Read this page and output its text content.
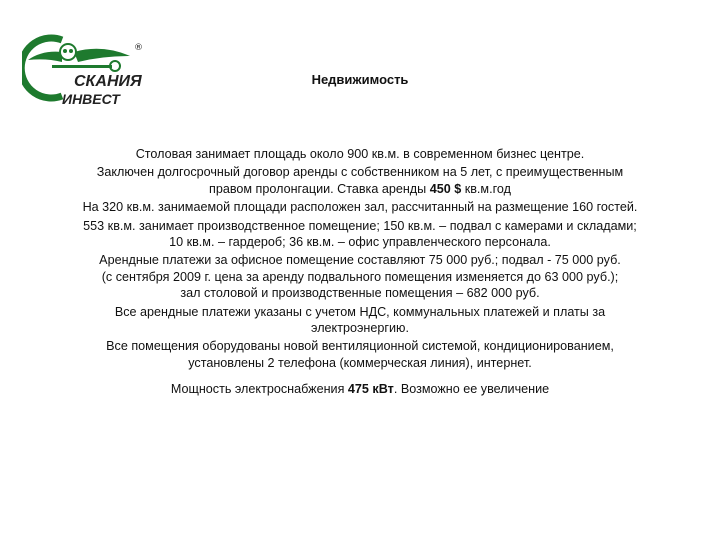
®
СКАНИЯ
ИНВЕСТ
Недвижимость

Столовая занимает площадь около 900 кв.м. в современном бизнес центре.

Заключен долгосрочный договор аренды с собственником на 5 лет, с преимущественным
правом пролонгации. Ставка аренды 450 $ кв.м.год

На 320 кв.м. занимаемой площади расположен зал, рассчитанный на размещение 160 гостей.

553 кв.м. занимает производственное помещение; 150 кв.м. – подвал с камерами и складами;
10 кв.м. – гардероб; 36 кв.м. – офис управленческого персонала.

Арендные платежи за офисное помещение составляют 75 000 руб.; подвал - 75 000 руб.
(с сентября 2009 г. цена за аренду подвального помещения изменяется до 63 000 руб.);
зал столовой и производственные помещения – 682 000 руб.

Все арендные платежи указаны с учетом НДС, коммунальных платежей и платы за
электроэнергию.

Все помещения оборудованы новой вентиляционной системой, кондиционированием,
установлены 2 телефона (коммерческая линия), интернет.

Мощность электроснабжения 475 кВт. Возможно ее увеличение
